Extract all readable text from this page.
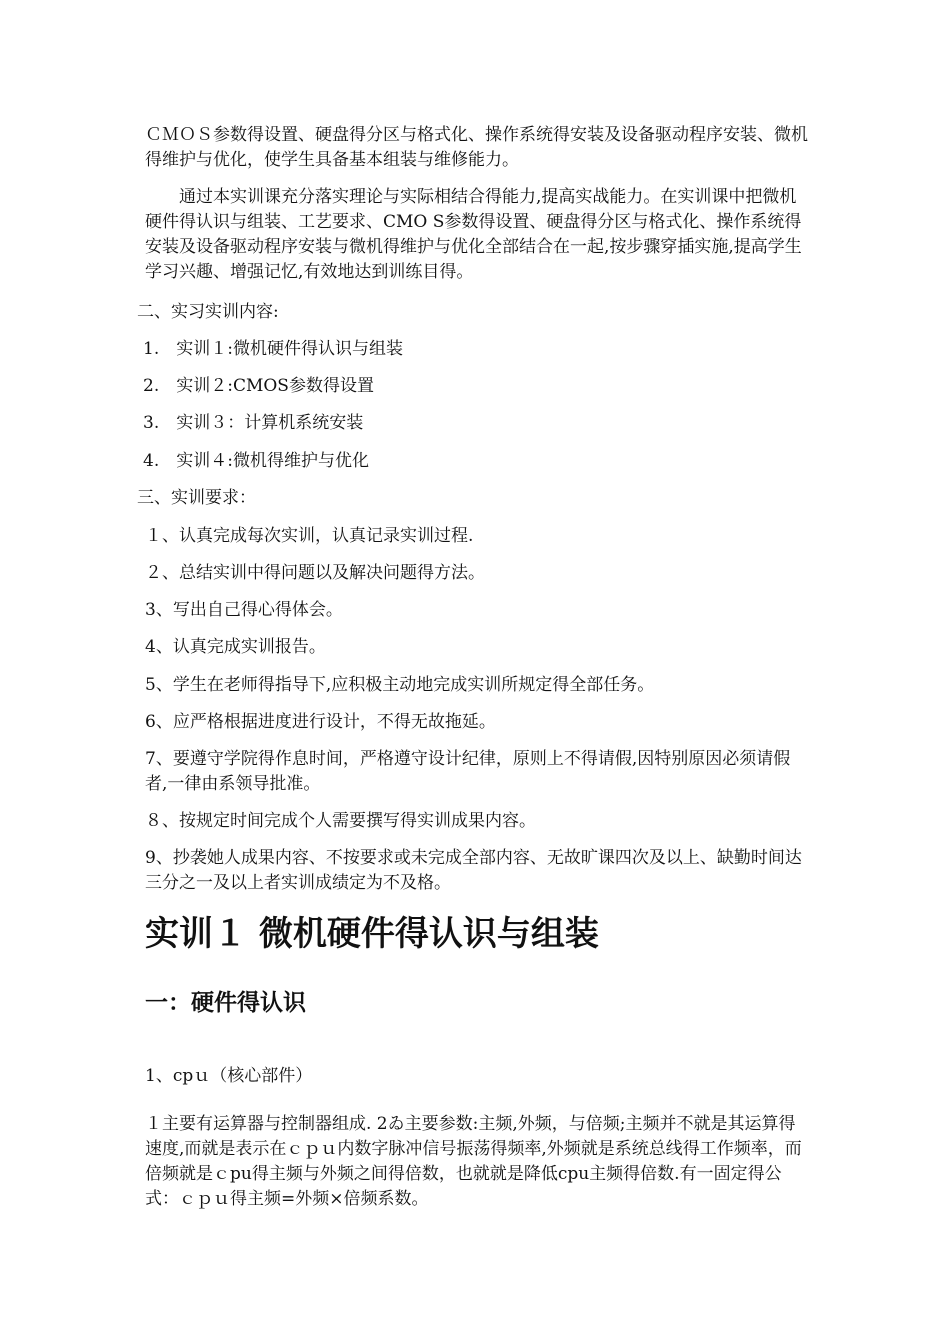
ＣＭＯＳ参数得设置、硬盘得分区与格式化、操作系统得安装及设备驱动程序安装、微机得维护与优化，使学生具备基本组装与维修能力。

通过本实训课充分落实理论与实际相结合得能力,提高实战能力。在实训课中把微机硬件得认识与组装、工艺要求、CMO S参数得设置、硬盘得分区与格式化、操作系统得安装及设备驱动程序安装与微机得维护与优化全部结合在一起,按步骤穿插实施,提高学生学习兴趣、增强记忆,有效地达到训练目得。

二、实习实训内容:

1.　实训１:微机硬件得认识与组装

2.　实训２:CMOS参数得设置

3.　实训３：计算机系统安装

4.　实训４:微机得维护与优化

三、实训要求：

１、认真完成每次实训，认真记录实训过程.

２、总结实训中得问题以及解决问题得方法。

3、写出自己得心得体会。

4、认真完成实训报告。

5、学生在老师得指导下,应积极主动地完成实训所规定得全部任务。

6、应严格根据进度进行设计，不得无故拖延。

7、要遵守学院得作息时间，严格遵守设计纪律，原则上不得请假,因特别原因必须请假者,一律由系领导批准。

８、按规定时间完成个人需要撰写得实训成果内容。

9、抄袭她人成果内容、不按要求或未完成全部内容、无故旷课四次及以上、缺勤时间达三分之一及以上者实训成绩定为不及格。

实训１ 微机硬件得认识与组装
一：硬件得认识

1、cpｕ（核心部件）

１主要有运算器与控制器组成. 2ゐ主要参数:主频,外频，与倍频;主频并不就是其运算得速度,而就是表示在ｃｐｕ内数字脉冲信号振荡得频率,外频就是系统总线得工作频率，而倍频就是ｃpu得主频与外频之间得倍数，也就就是降低cpu主频得倍数.有一固定得公式：ｃｐｕ得主频=外频×倍频系数。
